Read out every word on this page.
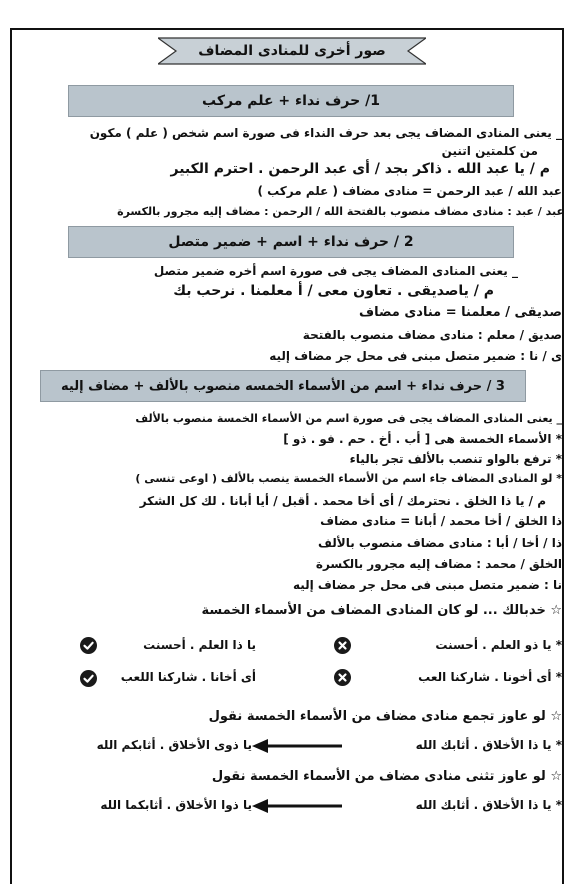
صور أخرى للمنادى المضاف
1/ حرف نداء + علم مركب
_ يعنى المنادى المضاف يجى بعد حرف النداء فى صورة اسم شخص ( علم ) مكون
من كلمتين اتنين
م / يا عبد الله . ذاكر بجد / أى عبد الرحمن . احترم الكبير
عبد الله / عبد الرحمن = منادى مضاف ( علم مركب )
عبد / عبد : منادى مضاف منصوب بالفتحة الله / الرحمن : مضاف إليه مجرور بالكسرة
2 / حرف نداء + اسم + ضمير متصل
_ يعنى المنادى المضاف يجى فى صورة اسم أخره ضمير متصل
م / ياصديقى . تعاون معى / أ معلمنا . نرحب بك
صديقى / معلمنا = منادى مضاف
صديق / معلم : منادى مضاف منصوب بالفتحة
ى / نا : ضمير متصل مبنى فى محل جر مضاف إليه
3 / حرف نداء + اسم من الأسماء الخمسه منصوب بالألف + مضاف إليه
_ يعنى المنادى المضاف يجى فى صورة اسم من الأسماء الخمسة منصوب بالألف
* الأسماء الخمسة هى [ أب . أخ . حم . فو . ذو ]
* ترفع بالواو تنصب بالألف تجر بالياء
* لو المنادى المضاف جاء اسم من الأسماء الخمسة ينصب بالألف ( اوعى تنسى )
م / يا ذا الخلق . نحترمك / أى أخا محمد . أقبل / أيا أبانا . لك كل الشكر
ذا الخلق / أخا محمد / أبانا = منادى مضاف
ذا / أخا / أبا : منادى مضاف منصوب بالألف
الخلق / محمد : مضاف إليه مجرور بالكسرة
نا : ضمير متصل مبنى فى محل جر مضاف إليه
☆ خدبالك ... لو كان المنادى المضاف من الأسماء الخمسة
* يا ذو العلم . أحسنت
يا ذا العلم . أحسنت
* أى أخونا . شاركنا العب
أى أخانا . شاركنا اللعب
☆ لو عاوز تجمع منادى مضاف من الأسماء الخمسة نقول
* يا ذا الأخلاق . أثابك الله
يا ذوى الأخلاق . أثابكم الله
☆ لو عاوز تثنى منادى مضاف من الأسماء الخمسة نقول
* يا ذا الأخلاق . أثابك الله
يا ذوا الأخلاق . أثابكما الله
